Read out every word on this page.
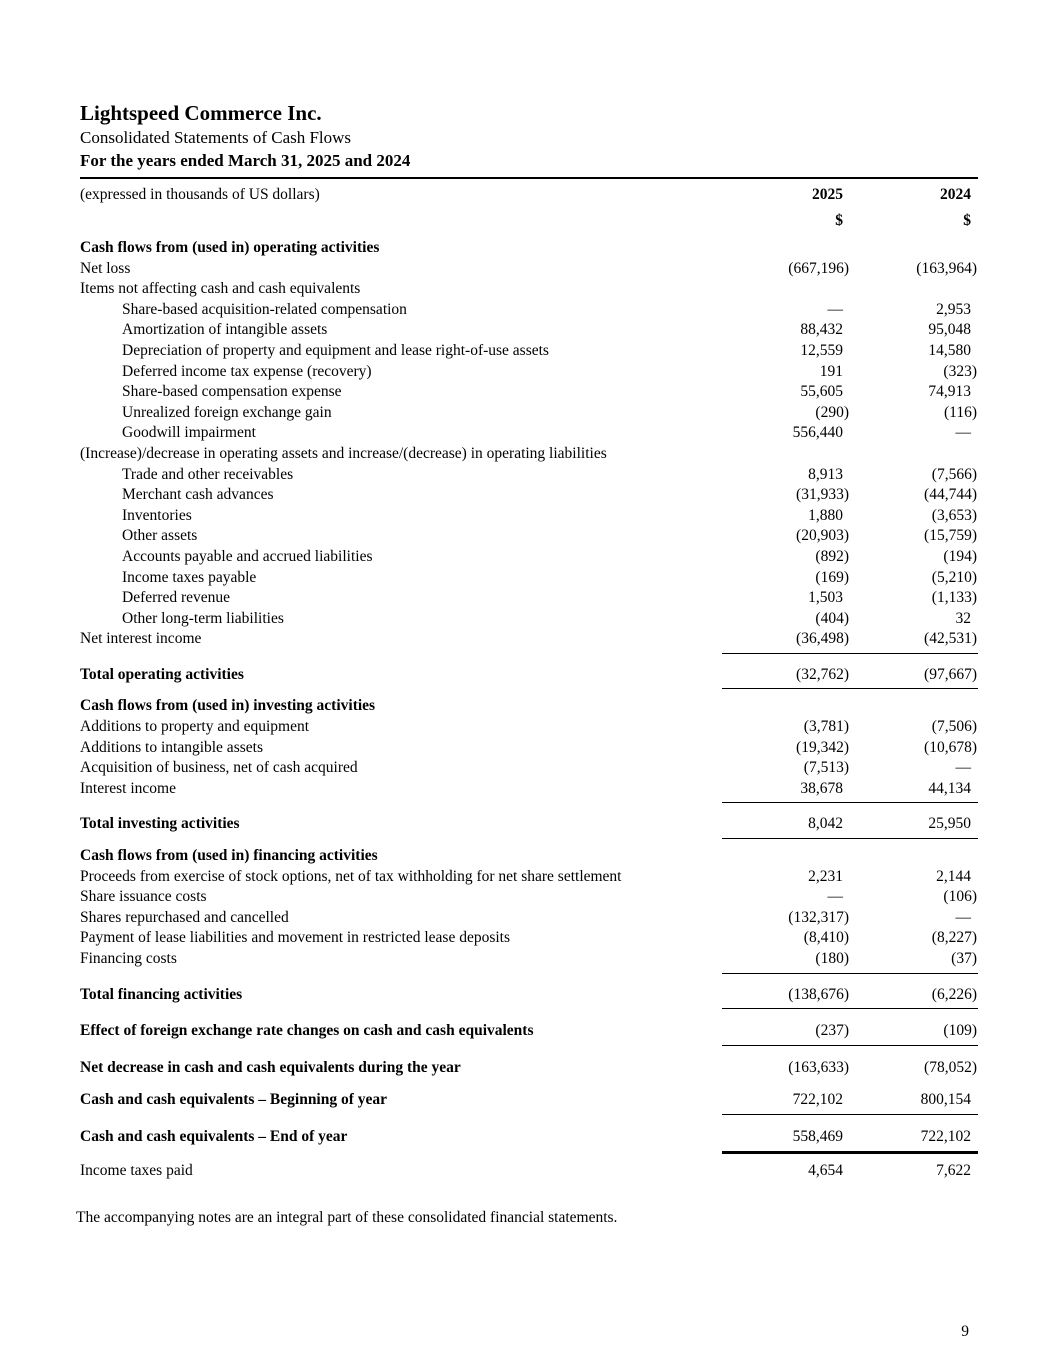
Lightspeed Commerce Inc.
Consolidated Statements of Cash Flows
For the years ended March 31, 2025 and 2024
(expressed in thousands of US dollars)	2025	2024
$	$
Cash flows from (used in) operating activities
Net loss	(667,196)	(163,964)
Items not affecting cash and cash equivalents
Share-based acquisition-related compensation	—	2,953
Amortization of intangible assets	88,432	95,048
Depreciation of property and equipment and lease right-of-use assets	12,559	14,580
Deferred income tax expense (recovery)	191	(323)
Share-based compensation expense	55,605	74,913
Unrealized foreign exchange gain	(290)	(116)
Goodwill impairment	556,440	—
(Increase)/decrease in operating assets and increase/(decrease) in operating liabilities
Trade and other receivables	8,913	(7,566)
Merchant cash advances	(31,933)	(44,744)
Inventories	1,880	(3,653)
Other assets	(20,903)	(15,759)
Accounts payable and accrued liabilities	(892)	(194)
Income taxes payable	(169)	(5,210)
Deferred revenue	1,503	(1,133)
Other long-term liabilities	(404)	32
Net interest income	(36,498)	(42,531)
Total operating activities	(32,762)	(97,667)
Cash flows from (used in) investing activities
Additions to property and equipment	(3,781)	(7,506)
Additions to intangible assets	(19,342)	(10,678)
Acquisition of business, net of cash acquired	(7,513)	—
Interest income	38,678	44,134
Total investing activities	8,042	25,950
Cash flows from (used in) financing activities
Proceeds from exercise of stock options, net of tax withholding for net share settlement	2,231	2,144
Share issuance costs	—	(106)
Shares repurchased and cancelled	(132,317)	—
Payment of lease liabilities and movement in restricted lease deposits	(8,410)	(8,227)
Financing costs	(180)	(37)
Total financing activities	(138,676)	(6,226)
Effect of foreign exchange rate changes on cash and cash equivalents	(237)	(109)
Net decrease in cash and cash equivalents during the year	(163,633)	(78,052)
Cash and cash equivalents – Beginning of year	722,102	800,154
Cash and cash equivalents – End of year	558,469	722,102
Income taxes paid	4,654	7,622
The accompanying notes are an integral part of these consolidated financial statements.
9
